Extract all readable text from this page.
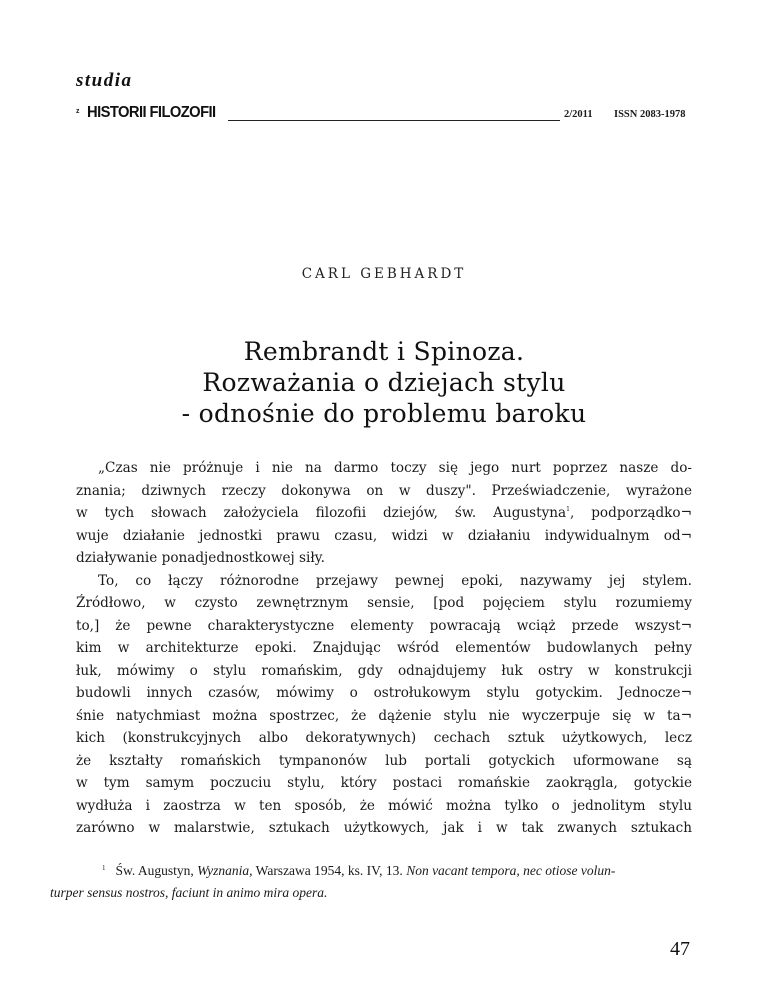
studia
z HISTORII FILOZOFII	2/2011 ISSN 2083-1978
CARL GEBHARDT
Rembrandt i Spinoza.
Rozważania o dziejach stylu
- odnośnie do problemu baroku

„Czas nie próżnuje i nie na darmo toczy się jego nurt poprzez nasze do-

znania; dziwnych rzeczy dokonywa on w duszy". Przeświadczenie, wyrażone

w tych słowach założyciela filozofii dziejów, św. Augustyna$^1$, podporządko¬

wuje działanie jednostki prawu czasu, widzi w działaniu indywidualnym od¬

działywanie ponadjednostkowej siły.

To, co łączy różnorodne przejawy pewnej epoki, nazywamy jej stylem.

Źródłowo, w czysto zewnętrznym sensie, [pod pojęciem stylu rozumiemy

to,] że pewne charakterystyczne elementy powracają wciąż przede wszyst¬

kim w architekturze epoki. Znajdując wśród elementów budowlanych pełny

łuk, mówimy o stylu romańskim, gdy odnajdujemy łuk ostry w konstrukcji

budowli innych czasów, mówimy o ostrołukowym stylu gotyckim. Jednocze¬

śnie natychmiast można spostrzec, że dążenie stylu nie wyczerpuje się w ta¬

kich (konstrukcyjnych albo dekoratywnych) cechach sztuk użytkowych, lecz

że kształty romańskich tympanonów lub portali gotyckich uformowane są

w tym samym poczuciu stylu, który postaci romańskie zaokrągla, gotyckie

wydłuża i zaostrza w ten sposób, że mówić można tylko o jednolitym stylu

zarówno w malarstwie, sztukach użytkowych, jak i w tak zwanych sztukach

$^1$ Św. Augustyn, Wyznania, Warszawa 1954, ks. IV, 13. Non vacant tempora, nec otiose volun-
turper sensus nostros, faciunt in animo mira opera.

47
